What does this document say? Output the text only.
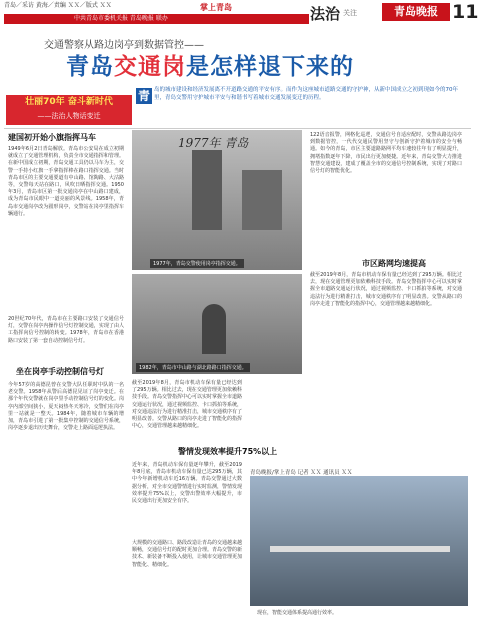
青岛／采访 黄海／责编 ＸＸ／版式 ＸＸ	掌上青岛
中共青岛市委机关报 青岛晚报 联办	法治 关注	青岛晚报 11
交通警察从路边岗亭到数据管控——
青岛交通岗是怎样退下来的
壮丽70年 奋斗新时代
——法治人物话变迁
青 岛的城市建设和经济发展离不开道路交通的平安有序。而作为这座城市道路交通的守护神，从新中国成立之初到现如今的70年里，青岛交警用守护城市平安与和谐书写着城市交通发展变迁的历程。
建国初开始小旗指挥马车
1949年6月2日青岛解放。青岛市公安局在成立初期就成立了交通管理机构，负责全市交通指挥和管理。在新中国成立初期，青岛交通工具仍以马车为主，交警一手持小红旗一手拿指挥棒在路口指挥交通。当时青岛市区的主要交通要道有中山路、馆陶路、大沽路等，交警每天站在路口，风吹日晒指挥交通。1950年3月，青岛市区第一批交通岗亭在中山路口建成，成为青岛市民眼中一道亮丽的风景线。1958年，青岛市交通岗亭改为圆形岗亭，交警站在岗亭里指挥车辆通行。
20世纪70年代，青岛市在主要路口安装了交通信号灯，交警在岗亭内操作信号灯控制交通，实现了由人工指挥向信号控制的转变。1978年，青岛市在香港路口安装了第一套自动控制信号灯。
坐在岗亭手动控制信号灯
今年57岁的高德昆曾在交警大队任职时中队的一名老交警。1958年从警后高德昆见证了岗亭变迁。在那个年代交警就在岗亭里手动控制信号灯的变化。岗亭内部空间狭小，夏天闷热冬天寒冷，交警们在岗亭里一站就是一整天。1984年，随着城市车辆的增加，青岛市引进了第一批集中控制的交通信号系统，岗亭逐步退出历史舞台，交警走上路面巡逻执法。
1977年 青岛
1977年，青岛交警使用岗亭指挥交通。
1982年，青岛市中山路与湖北路路口指挥交通。
截至2019年8月，青岛市机动车保有量已经达到了295万辆。相比过去，现在交通管理更加依赖科技手段。青岛交警指挥中心可以实时掌握全市道路交通运行状况，通过视频监控、卡口抓拍等系统，对交通违法行为进行精准打击，城市交通秩序有了明显改善。交警从路口的岗亭走进了智能化的指挥中心，交通管理越来越精细化。
警情发现效率提升75%以上
近年来，青岛机动车保有量逐年攀升，截至2019年8月底，青岛市机动车保有量已达295万辆，其中今年新增机动车近16万辆。青岛交警通过大数据分析，对全市交通警情进行实时监测，警情发现效率提升75%以上，交警出警效率大幅提升，市民交通出行更加安全有序。
大规模的交通路口、路段改造让青岛的交通越来越顺畅，交通信号灯的配时更加合理。青岛交警的新技术、新装备不断投入使用，让城市交通管理更加智能化、精细化。
122语音报警，网格化巡逻，交通信号自适应配时，交警从路边岗亭到数据管控，一代代交通民警用坚守与创新守护着城市的安全与畅通。如今的青岛，市区主要道路路网平均车速较往年有了明显提升，拥堵指数逐年下降，市民出行更加便捷。近年来，青岛交警大力推进智慧交通建设，建成了覆盖全市的交通信号控制系统，实现了对路口信号灯的智能优化。
市区路网均速提高
截至2019年8月，青岛市机动车保有量已经达到了295万辆。相比过去，现在交通管理更加依赖科技手段。青岛交警指挥中心可以实时掌握全市道路交通运行状况，通过视频监控、卡口抓拍等系统，对交通违法行为进行精准打击，城市交通秩序有了明显改善。交警从路口的岗亭走进了智能化的指挥中心，交通管理越来越精细化。
青岛晚报/掌上青岛 记者 ＸＸ 通讯员 ＸＸ
现在，智能交通体系提高通行效率。
